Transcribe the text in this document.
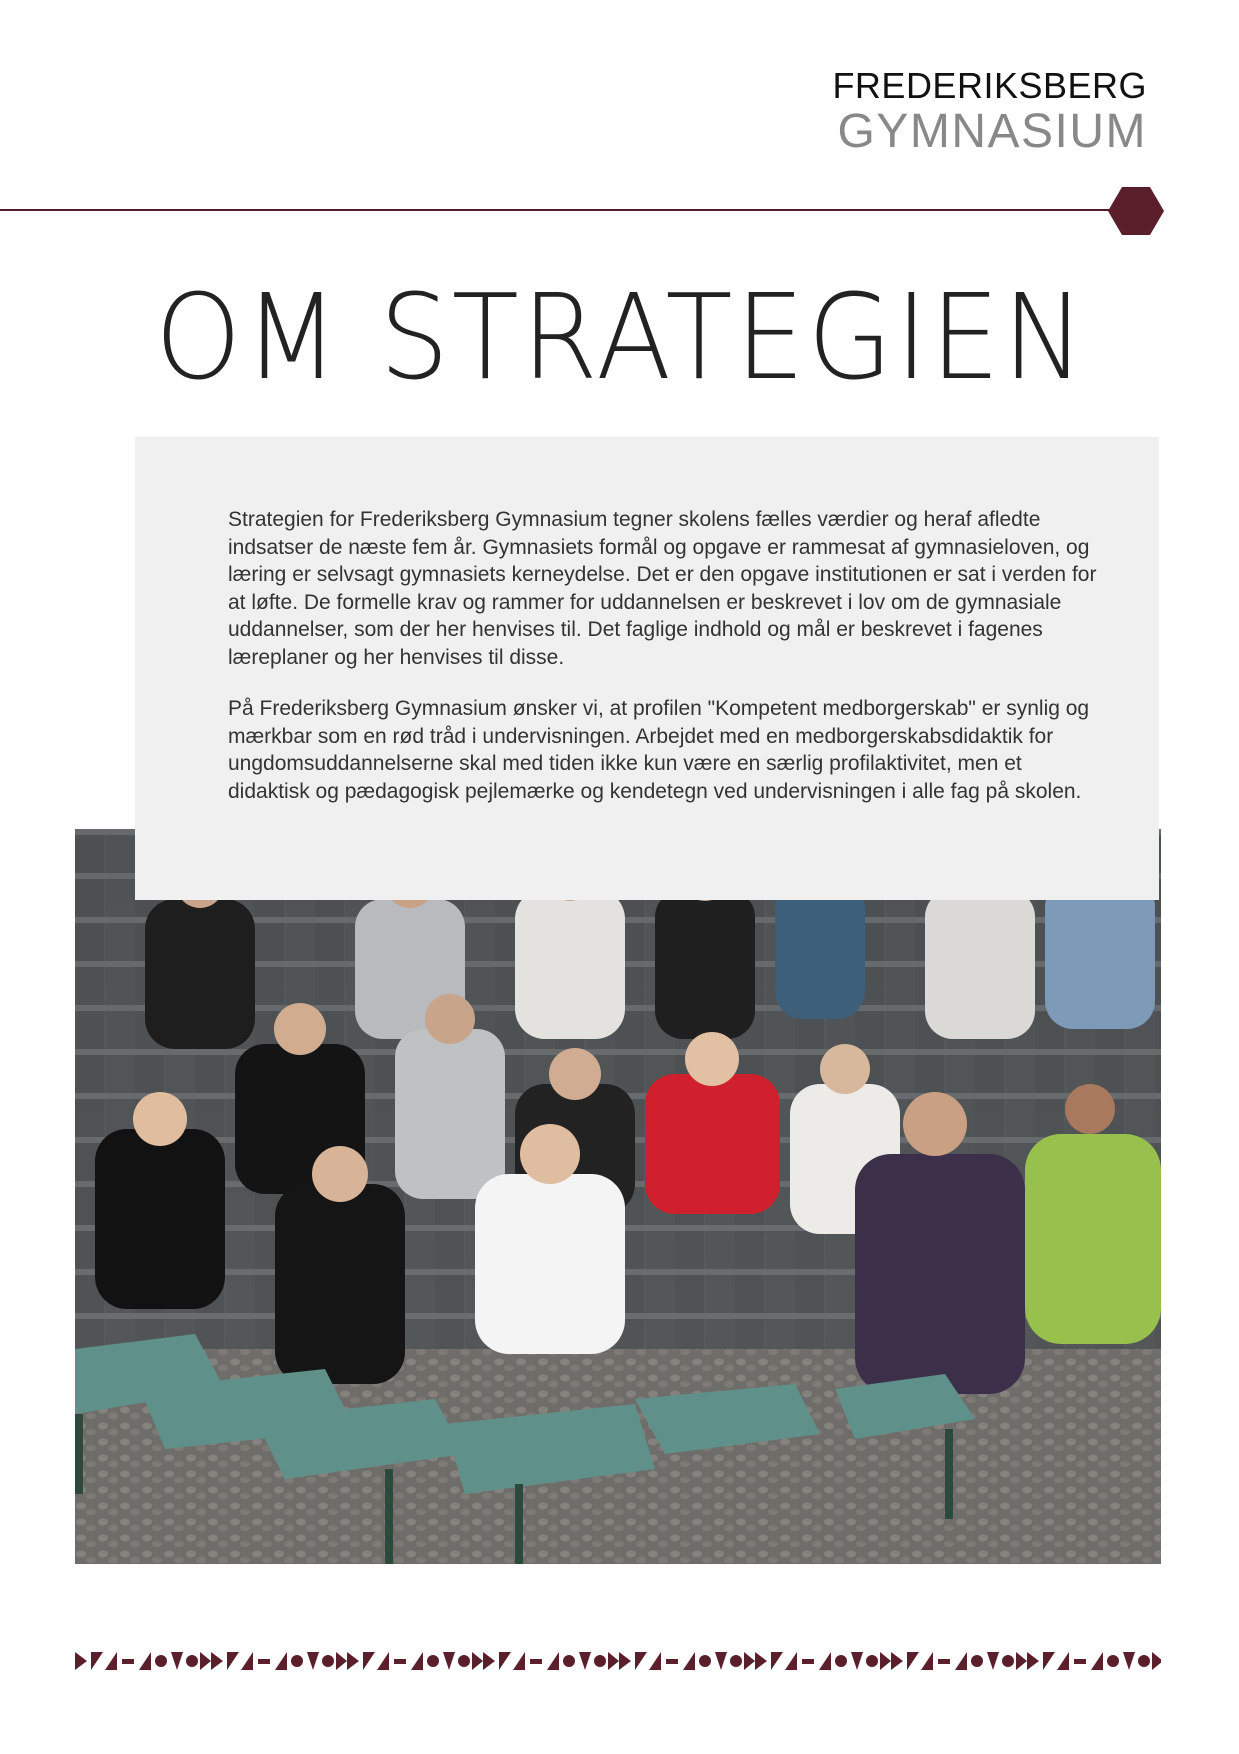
FREDERIKSBERG
GYMNASIUM
OM STRATEGIEN

Strategien for Frederiksberg Gymnasium tegner skolens fælles værdier og heraf afledte indsatser de næste fem år. Gymnasiets formål og opgave er rammesat af gymnasieloven, og læring er selvsagt gymnasiets kerneydelse. Det er den opgave institutionen er sat i verden for at løfte. De formelle krav og rammer for uddannelsen er beskrevet i lov om de gymnasiale uddannelser, som der her henvises til. Det faglige indhold og mål er beskrevet i fagenes læreplaner og her henvises til disse.

På Frederiksberg Gymnasium ønsker vi, at profilen "Kompetent medborgerskab" er synlig og mærkbar som en rød tråd i undervisningen. Arbejdet med en medborgerskabsdidaktik for ungdomsuddannelserne skal med tiden ikke kun være en særlig profilaktivitet, men et didaktisk og pædagogisk pejlemærke og kendetegn ved undervisningen i alle fag på skolen.
